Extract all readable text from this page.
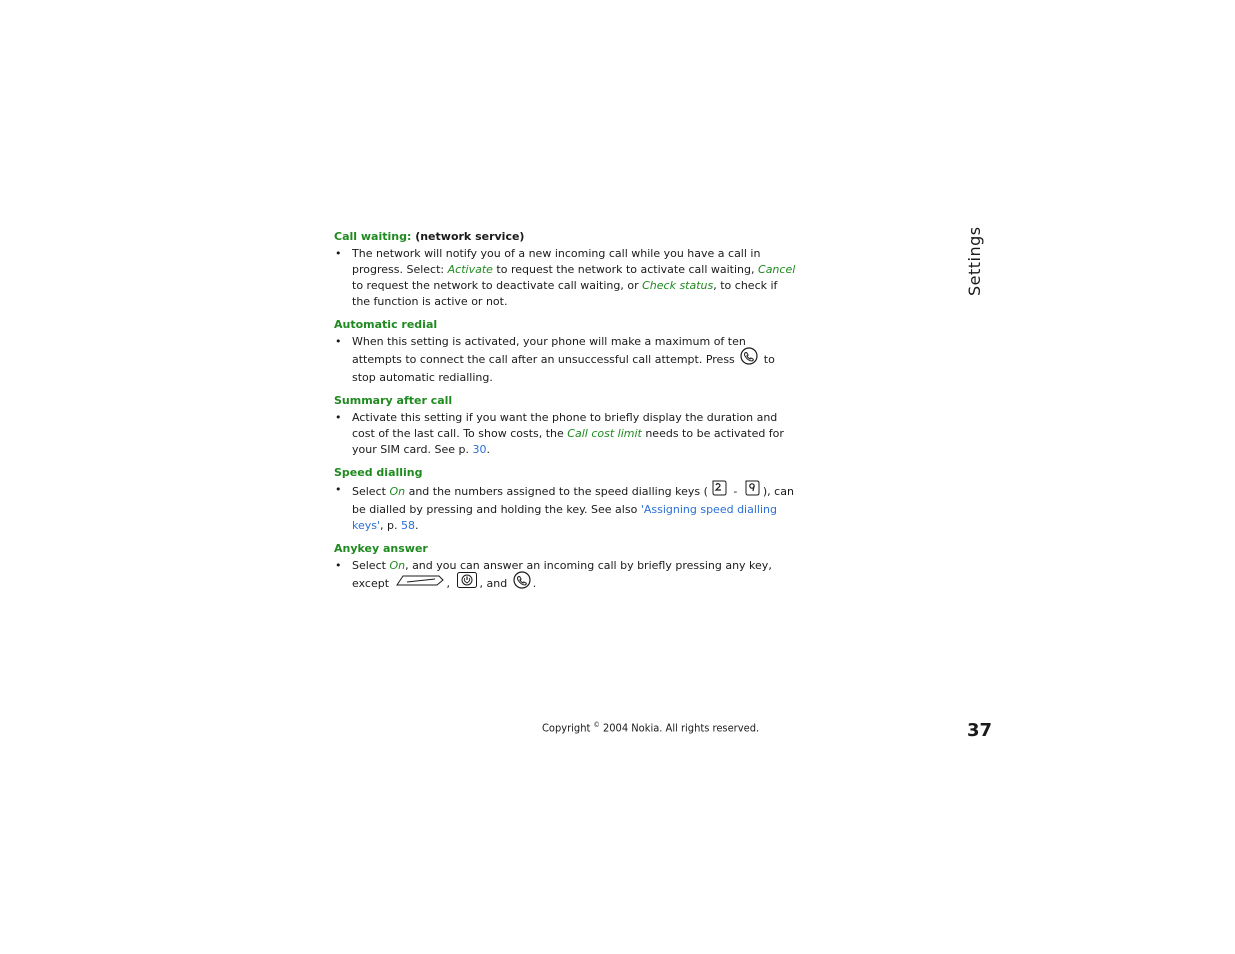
Settings

Call waiting: (network service)

• The network will notify you of a new incoming call while you have a call in progress. Select: Activate to request the network to activate call waiting, Cancel to request the network to deactivate call waiting, or Check status, to check if the function is active or not.

Automatic redial

• When this setting is activated, your phone will make a maximum of ten attempts to connect the call after an unsuccessful call attempt. Press  to stop automatic redialling.

Summary after call

• Activate this setting if you want the phone to briefly display the duration and cost of the last call. To show costs, the Call cost limit needs to be activated for your SIM card. See p. 30.

Speed dialling

• Select On and the numbers assigned to the speed dialling keys ( - ), can be dialled by pressing and holding the key. See also 'Assigning speed dialling keys', p. 58.

Anykey answer

• Select On, and you can answer an incoming call by briefly pressing any key, except	, , and .

Copyright © 2004 Nokia. All rights reserved.	37
